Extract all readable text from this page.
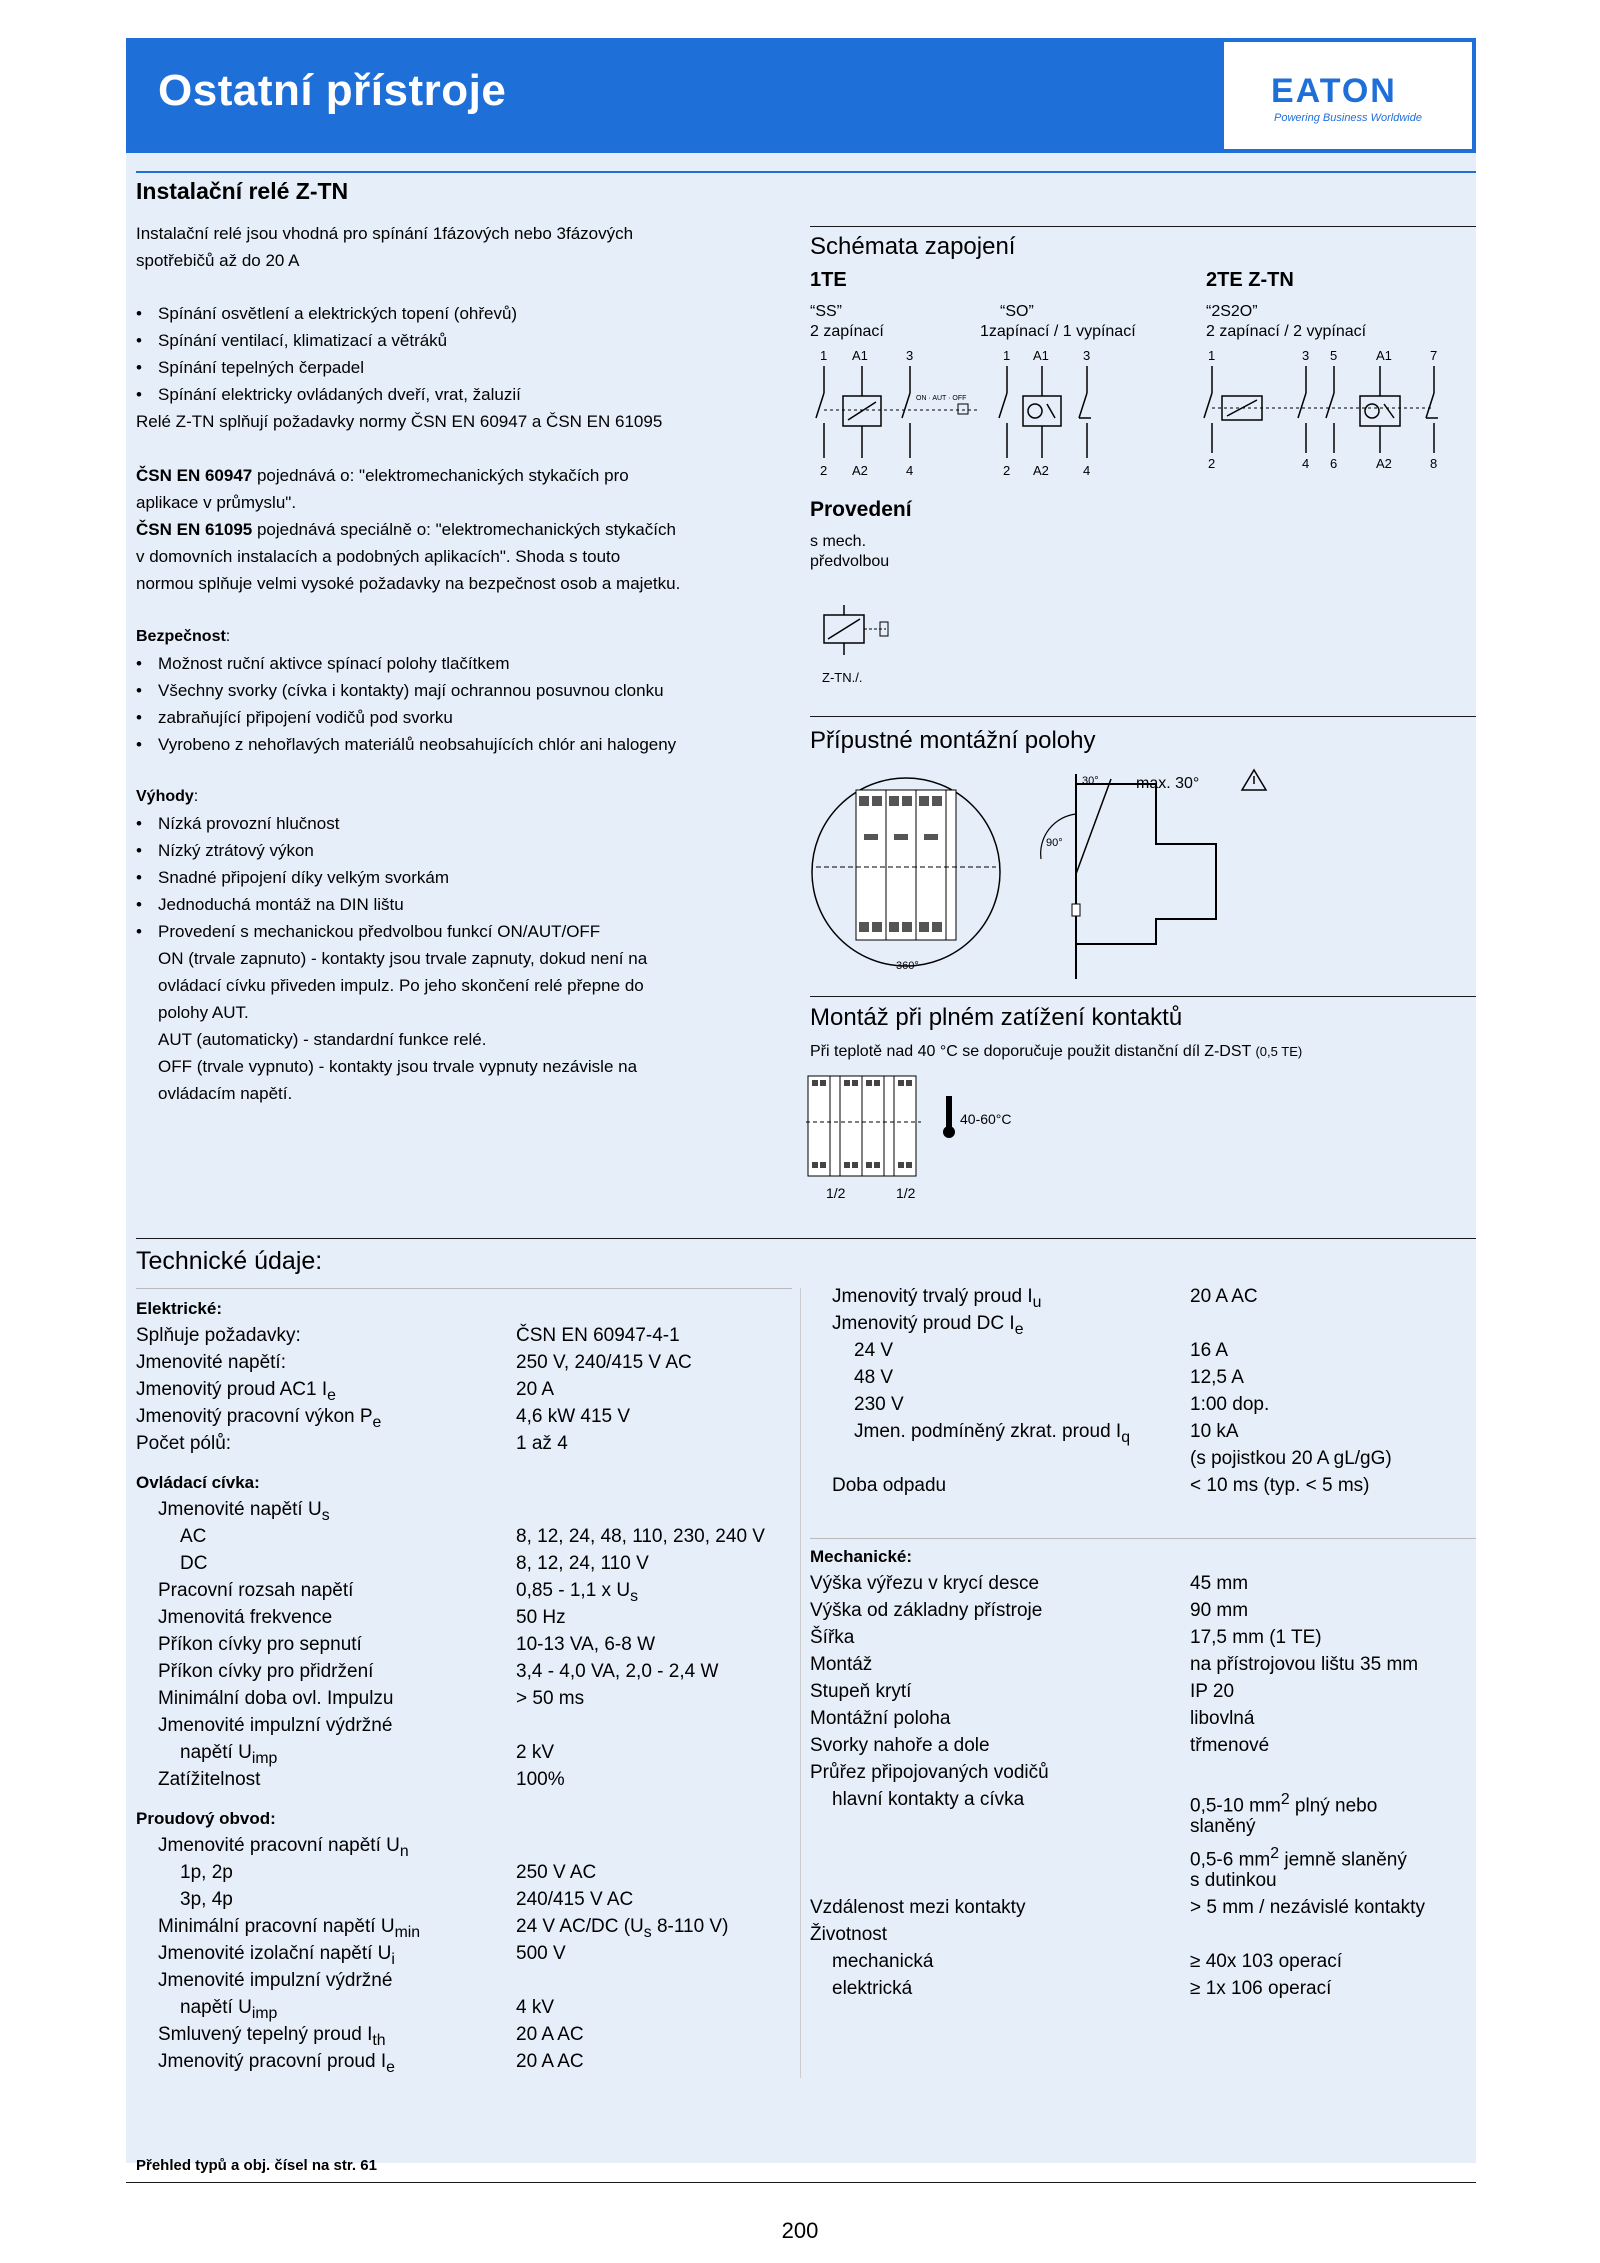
Ostatní přístroje	EATON
Powering Business Worldwide
Instalační relé Z-TN
Instalační relé jsou vhodná pro spínání 1fázových nebo 3fázových
spotřebičů až do 20 A
• Spínání osvětlení a elektrických topení (ohřevů)
• Spínání ventilací, klimatizací a větráků
• Spínání tepelných čerpadel
• Spínání elektricky ovládaných dveří, vrat, žaluzií
Relé Z-TN splňují požadavky normy ČSN EN 60947 a ČSN EN 61095
ČSN EN 60947 pojednává o: "elektromechanických stykačích pro
aplikace v průmyslu".
ČSN EN 61095 pojednává speciálně o: "elektromechanických stykačích
v domovních instalacích a podobných aplikacích". Shoda s touto
normou splňuje velmi vysoké požadavky na bezpečnost osob a majetku.
Bezpečnost:
• Možnost ruční aktivce spínací polohy tlačítkem
• Všechny svorky (cívka i kontakty) mají ochrannou posuvnou clonku
• zabraňující připojení vodičů pod svorku
• Vyrobeno z nehořlavých materiálů neobsahujících chlór ani halogeny
Výhody:
• Nízká provozní hlučnost
• Nízký ztrátový výkon
• Snadné připojení díky velkým svorkám
• Jednoduchá montáž na DIN lištu
• Provedení s mechanickou předvolbou funkcí ON/AUT/OFF
ON (trvale zapnuto) - kontakty jsou trvale zapnuty, dokud není na
ovládací cívku přiveden impulz. Po jeho skončení relé přepne do
polohy AUT.
AUT (automaticky) - standardní funkce relé.
OFF (trvale vypnuto) - kontakty jsou trvale vypnuty nezávisle na
ovládacím napětí.
Schémata zapojení
1TE	2TE Z-TN
“SS”
2 zapínací
“SO”
1zapínací / 1 vypínací
“2S2O”
2 zapínací / 2 vypínací
1 A1	3
2 A2	4
ON · AUT · OFF
1 A1	3
2 A2	4
1	3 5	A1	7
2	4 6	A2	8
Provedení
s mech.
předvolbou
Z-TN./.
Přípustné montážní polohy
360°
30°
90°
max. 30°
Montáž při plném zatížení kontaktů
Při teplotě nad 40 °C se doporučuje použit distanční díl Z-DST (0,5 TE)
40-60°C
1/2	1/2
Technické údaje:
Elektrické:
Splňuje požadavky:	ČSN EN 60947-4-1
Jmenovité napětí:	250 V, 240/415 V AC
Jmenovitý proud AC1 $I_e$	20 A
Jmenovitý pracovní výkon $P_e$	4,6 kW 415 V
Počet pólů:	1 až 4
Ovládací cívka:
Jmenovité napětí $U_s$
AC	8, 12, 24, 48, 110, 230, 240 V
DC	8, 12, 24, 110 V
Pracovní rozsah napětí	0,85 - 1,1 x $U_s$
Jmenovitá frekvence	50 Hz
Příkon cívky pro sepnutí	10-13 VA, 6-8 W
Příkon cívky pro přidržení	3,4 - 4,0 VA, 2,0 - 2,4 W
Minimální doba ovl. Impulzu	> 50 ms
Jmenovité impulzní výdržné
napětí $U_{imp}$	2 kV
Zatížitelnost	100%
Proudový obvod:
Jmenovité pracovní napětí $U_n$
1p, 2p	250 V AC
3p, 4p	240/415 V AC
Minimální pracovní napětí $U_{min}$	24 V AC/DC ($U_s$ 8-110 V)
Jmenovité izolační napětí $U_i$	500 V
Jmenovité impulzní výdržné
napětí $U_{imp}$	4 kV
Smluvený tepelný proud $I_{th}$	20 A AC
Jmenovitý pracovní proud $I_e$	20 A AC
Jmenovitý trvalý proud $I_u$	20 A AC
Jmenovitý proud DC $I_e$
24 V	16 A
48 V	12,5 A
230 V	1:00 dop.
Jmen. podmíněný zkrat. proud $I_q$	10 kA
(s pojistkou 20 A gL/gG)
Doba odpadu	< 10 ms (typ. < 5 ms)
Mechanické:
Výška výřezu v krycí desce	45 mm
Výška od základny přístroje	90 mm
Šířka	17,5 mm (1 TE)
Montáž	na přístrojovou lištu 35 mm
Stupeň krytí	IP 20
Montážní poloha	libovlná
Svorky nahoře a dole	třmenové
Průřez připojovaných vodičů
hlavní kontakty a cívka	0,5-10 $mm^2$ plný nebo
slaněný
0,5-6 $mm^2$ jemně slaněný
s dutinkou
Vzdálenost mezi kontakty	> 5 mm / nezávislé kontakty
Životnost
mechanická	≥ 40x 103 operací
elektrická	≥ 1x 106 operací
Přehled typů a obj. čísel na str. 61
200
